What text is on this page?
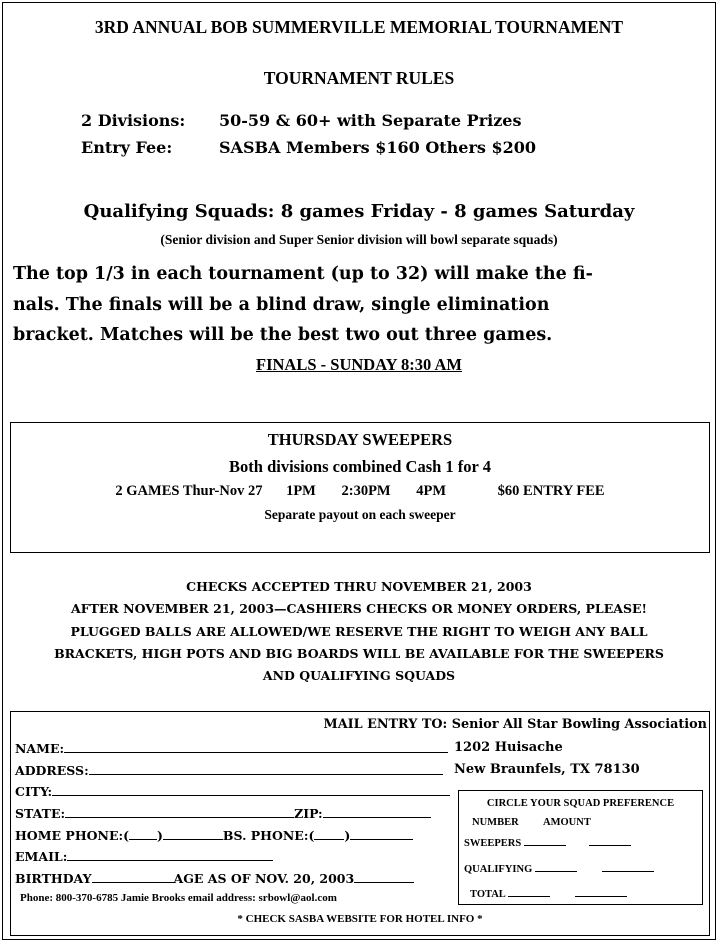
3RD ANNUAL BOB SUMMERVILLE MEMORIAL TOURNAMENT
TOURNAMENT RULES
2 Divisions: 50-59 & 60+ with Separate Prizes
Entry Fee:	SASBA Members $160 Others $200
Qualifying Squads: 8 games Friday - 8 games Saturday
(Senior division and Super Senior division will bowl separate squads)
The top 1/3 in each tournament (up to 32) will make the fi-
nals. The finals will be a blind draw, single elimination
bracket. Matches will be the best two out three games.
FINALS - SUNDAY 8:30 AM
THURSDAY SWEEPERS
Both divisions combined Cash 1 for 4
2 GAMES Thur-Nov 27 1PM 2:30PM 4PM	$60 ENTRY FEE
Separate payout on each sweeper
CHECKS ACCEPTED THRU NOVEMBER 21, 2003
AFTER NOVEMBER 21, 2003—CASHIERS CHECKS OR MONEY ORDERS, PLEASE!
PLUGGED BALLS ARE ALLOWED/WE RESERVE THE RIGHT TO WEIGH ANY BALL
BRACKETS, HIGH POTS AND BIG BOARDS WILL BE AVAILABLE FOR THE SWEEPERS
AND QUALIFYING SQUADS
MAIL ENTRY TO: Senior All Star Bowling Association
1202 Huisache
New Braunfels, TX 78130
NAME:
ADDRESS:
CITY:
STATE:	ZIP:
HOME PHONE:( )	BS. PHONE:( )
EMAIL:
BIRTHDAY	AGE AS OF NOV. 20, 2003
CIRCLE YOUR SQUAD PREFERENCE
NUMBER AMOUNT
SWEEPERS
QUALIFYING
TOTAL
Phone: 800-370-6785 Jamie Brooks email address: srbowl@aol.com
* CHECK SASBA WEBSITE FOR HOTEL INFO *
